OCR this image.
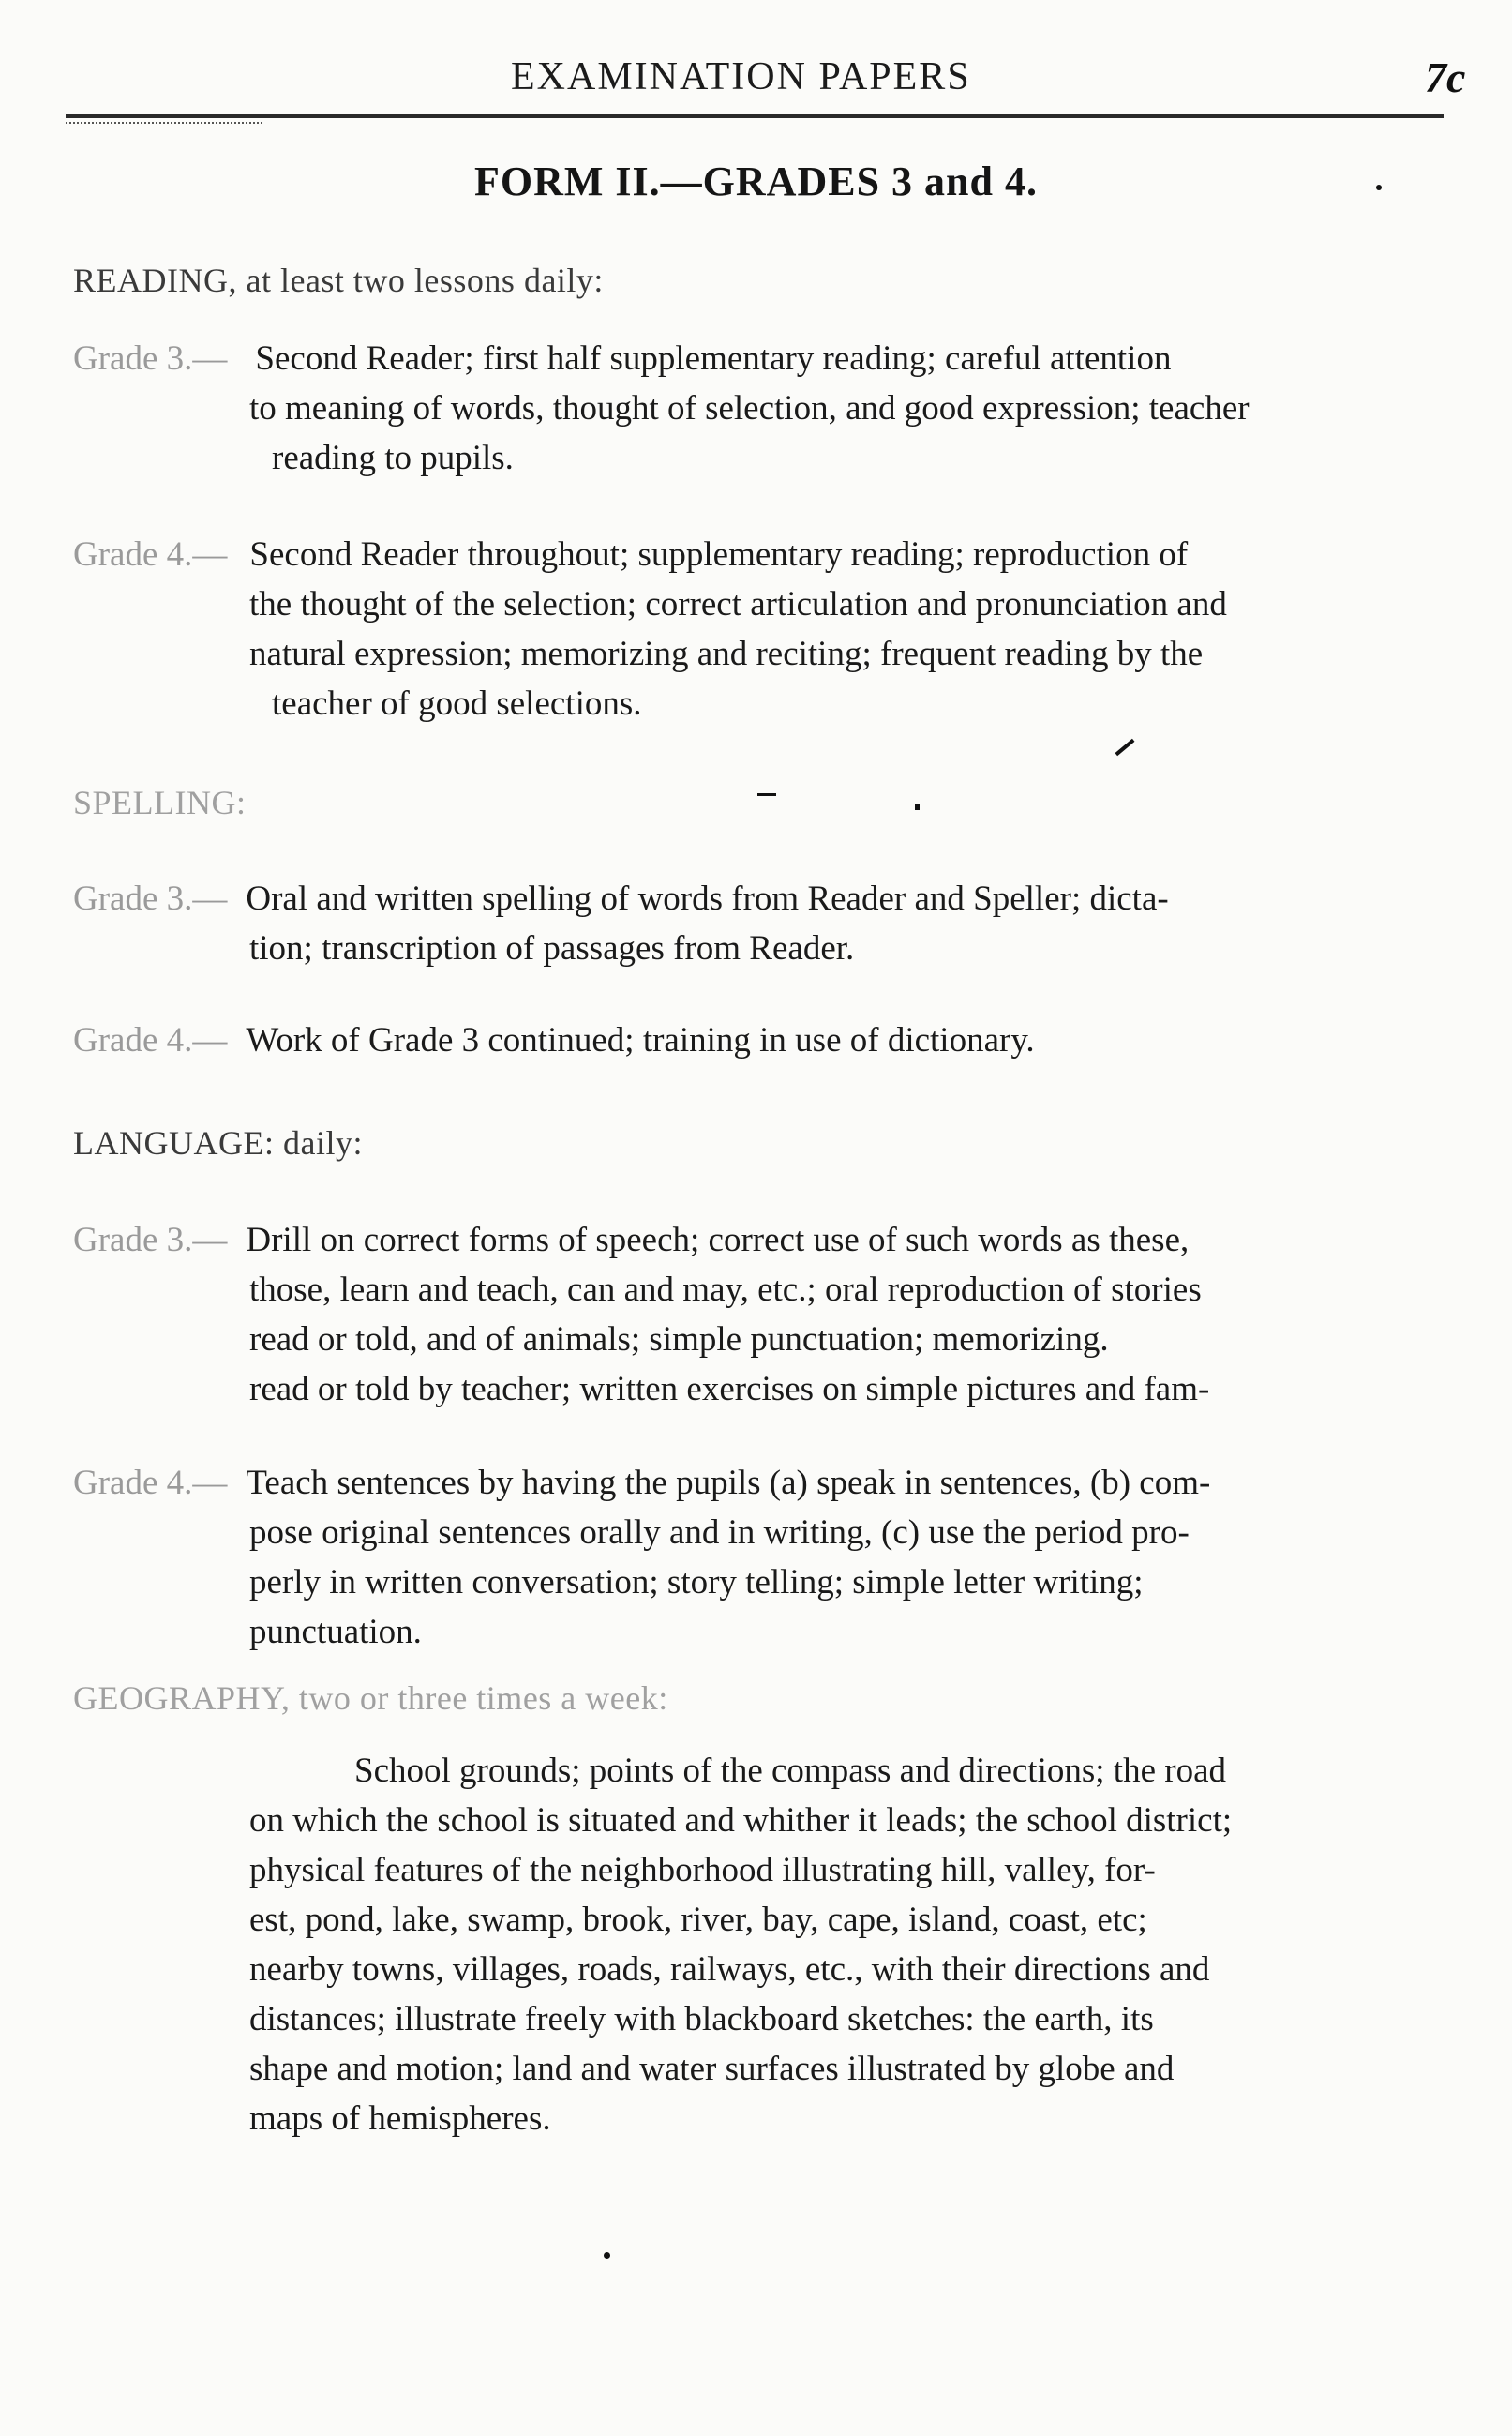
EXAMINATION PAPERS	7c
FORM II.—GRADES 3 and 4.
READING, at least two lessons daily:
Grade 3.— Second Reader; first half supplementary reading; careful attention
to meaning of words, thought of selection, and good expression; teacher
reading to pupils.
Grade 4.— Second Reader throughout; supplementary reading; reproduction of
the thought of the selection; correct articulation and pronunciation and
natural expression; memorizing and reciting; frequent reading by the
teacher of good selections.
SPELLING:
Grade 3.— Oral and written spelling of words from Reader and Speller; dicta-
tion; transcription of passages from Reader.
Grade 4.— Work of Grade 3 continued; training in use of dictionary.
LANGUAGE: daily:
Grade 3.— Drill on correct forms of speech; correct use of such words as these,
those, learn and teach, can and may, etc.; oral reproduction of stories
read or told, and of animals; simple punctuation; memorizing.
read or told by teacher; written exercises on simple pictures and fam-
Grade 4.— Teach sentences by having the pupils (a) speak in sentences, (b) com-
pose original sentences orally and in writing, (c) use the period pro-
perly in written conversation; story telling; simple letter writing;
punctuation.
GEOGRAPHY, two or three times a week:
School grounds; points of the compass and directions; the road
on which the school is situated and whither it leads; the school district;
physical features of the neighborhood illustrating hill, valley, for-
est, pond, lake, swamp, brook, river, bay, cape, island, coast, etc;
nearby towns, villages, roads, railways, etc., with their directions and
distances; illustrate freely with blackboard sketches: the earth, its
shape and motion; land and water surfaces illustrated by globe and
maps of hemispheres.
